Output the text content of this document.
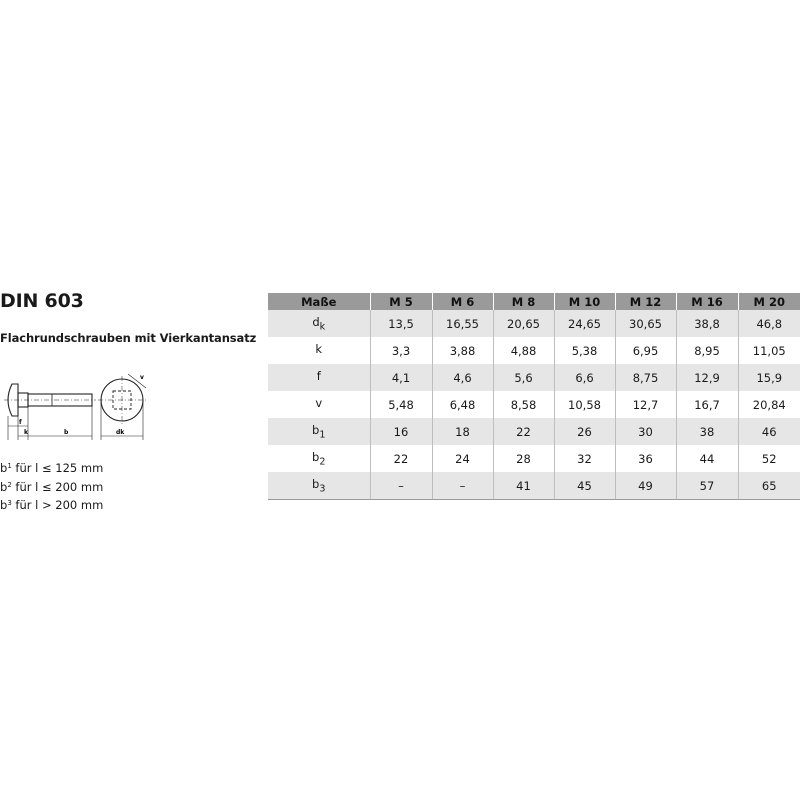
DIN 603
Flachrundschrauben mit Vierkantansatz
f
k	b
v
dk
$b^1$ für l ≤ 125 mm
$b^2$ für l ≤ 200 mm
$b^3$ für l > 200 mm
Maße	M 5	M 6	M 8	M 10	M 12	M 16	M 20
$d_k$	13,5	16,55	20,65	24,65	30,65	38,8	46,8
k	3,3	3,88	4,88	5,38	6,95	8,95	11,05
f	4,1	4,6	5,6	6,6	8,75	12,9	15,9
v	5,48	6,48	8,58	10,58	12,7	16,7	20,84
$b_1$	16	18	22	26	30	38	46
$b_2$	22	24	28	32	36	44	52
$b_3$	–	–	41	45	49	57	65
